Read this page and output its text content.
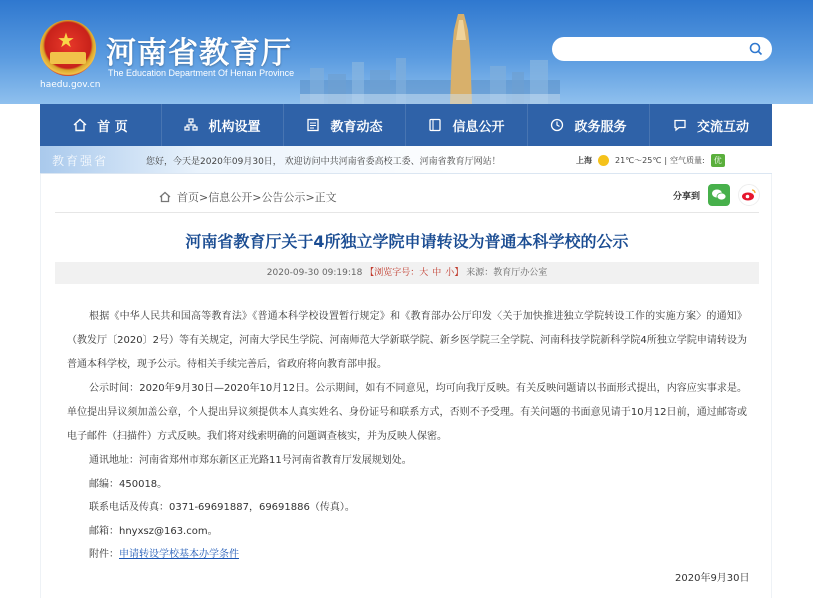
★
haedu.gov.cn
河南省教育厅
The Education Department Of Henan Province
首 页	机构设置	教育动态	信息公开	政务服务	交流互动
教育强省	您好，今天是2020年09月30日， 欢迎访问中共河南省委高校工委、河南省教育厅网站！	上海	21℃～25℃ | 空气质量:	优
首页 > 信息公开 > 公告公示 > 正文	分享到
河南省教育厅关于4所独立学院申请转设为普通本科学校的公示
2020-09-30 09:19:18 【浏览字号：大 中 小】 来源：教育厅办公室

根据《中华人民共和国高等教育法》《普通本科学校设置暂行规定》和《教育部办公厅印发〈关于加快推进独立学院转设工作的实施方案〉的通知》（教发厅〔2020〕2号）等有关规定，河南大学民生学院、河南师范大学新联学院、新乡医学院三全学院、河南科技学院新科学院4所独立学院申请转设为普通本科学校，现予公示。待相关手续完善后，省政府将向教育部申报。

公示时间：2020年9月30日—2020年10月12日。公示期间，如有不同意见，均可向我厅反映。有关反映问题请以书面形式提出，内容应实事求是。单位提出异议须加盖公章，个人提出异议须提供本人真实姓名、身份证号和联系方式，否则不予受理。有关问题的书面意见请于10月12日前，通过邮寄或电子邮件（扫描件）方式反映。我们将对线索明确的问题调查核实，并为反映人保密。

通讯地址：河南省郑州市郑东新区正光路11号河南省教育厅发展规划处。

邮编：450018。

联系电话及传真：0371-69691887，69691886（传真）。

邮箱：hnyxsz@163.com。

附件：申请转设学校基本办学条件

2020年9月30日
